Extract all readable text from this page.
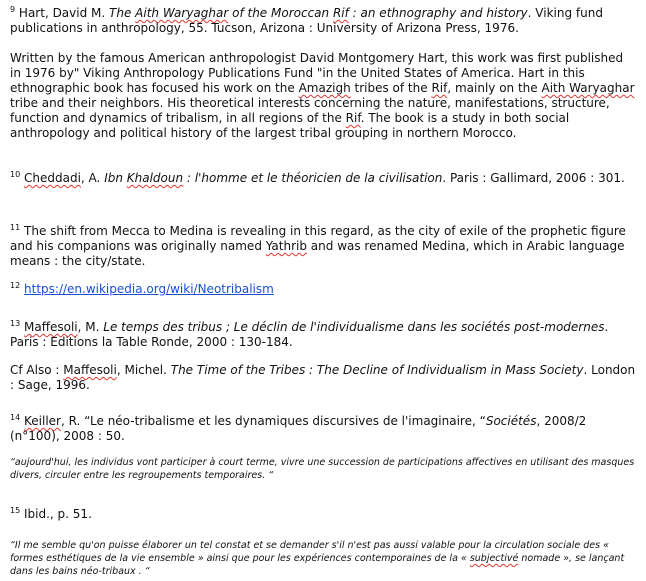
$^9$ Hart, David M. The Aith Waryaghar of the Moroccan Rif : an ethnography and history. Viking fund publications in anthropology, 55. Tucson, Arizona : University of Arizona Press, 1976.
Written by the famous American anthropologist David Montgomery Hart, this work was first published in 1976 by" Viking Anthropology Publications Fund "in the United States of America. Hart in this ethnographic book has focused his work on the Amazigh tribes of the Rif, mainly on the Aith Waryaghar tribe and their neighbors. His theoretical interests concerning the nature, manifestations, structure, function and dynamics of tribalism, in all regions of the Rif. The book is a study in both social anthropology and political history of the largest tribal grouping in northern Morocco.
$^{10}$ Cheddadi, A. Ibn Khaldoun : l'homme et le théoricien de la civilisation. Paris : Gallimard, 2006 : 301.
$^{11}$ The shift from Mecca to Medina is revealing in this regard, as the city of exile of the prophetic figure and his companions was originally named Yathrib and was renamed Medina, which in Arabic language means : the city/state.
$^{12}$ https://en.wikipedia.org/wiki/Neotribalism
$^{13}$ Maffesoli, M. Le temps des tribus ; Le déclin de l'individualisme dans les sociétés post-modernes. Paris : Editions la Table Ronde, 2000 : 130-184.
Cf Also : Maffesoli, Michel. The Time of the Tribes : The Decline of Individualism in Mass Society. London : Sage, 1996.
$^{14}$ Keiller, R. “Le néo-tribalisme et les dynamiques discursives de l'imaginaire, “Sociétés, 2008/2 (n°100), 2008 : 50.
“aujourd'hui, les individus vont participer à court terme, vivre une succession de participations affectives en utilisant des masques divers, circuler entre les regroupements temporaires. “
$^{15}$ Ibid., p. 51.
“Il me semble qu'on puisse élaborer un tel constat et se demander s'il n'est pas aussi valable pour la circulation sociale des « formes esthétiques de la vie ensemble » ainsi que pour les expériences contemporaines de la « subjectivé nomade », se lançant dans les bains néo-tribaux . “
